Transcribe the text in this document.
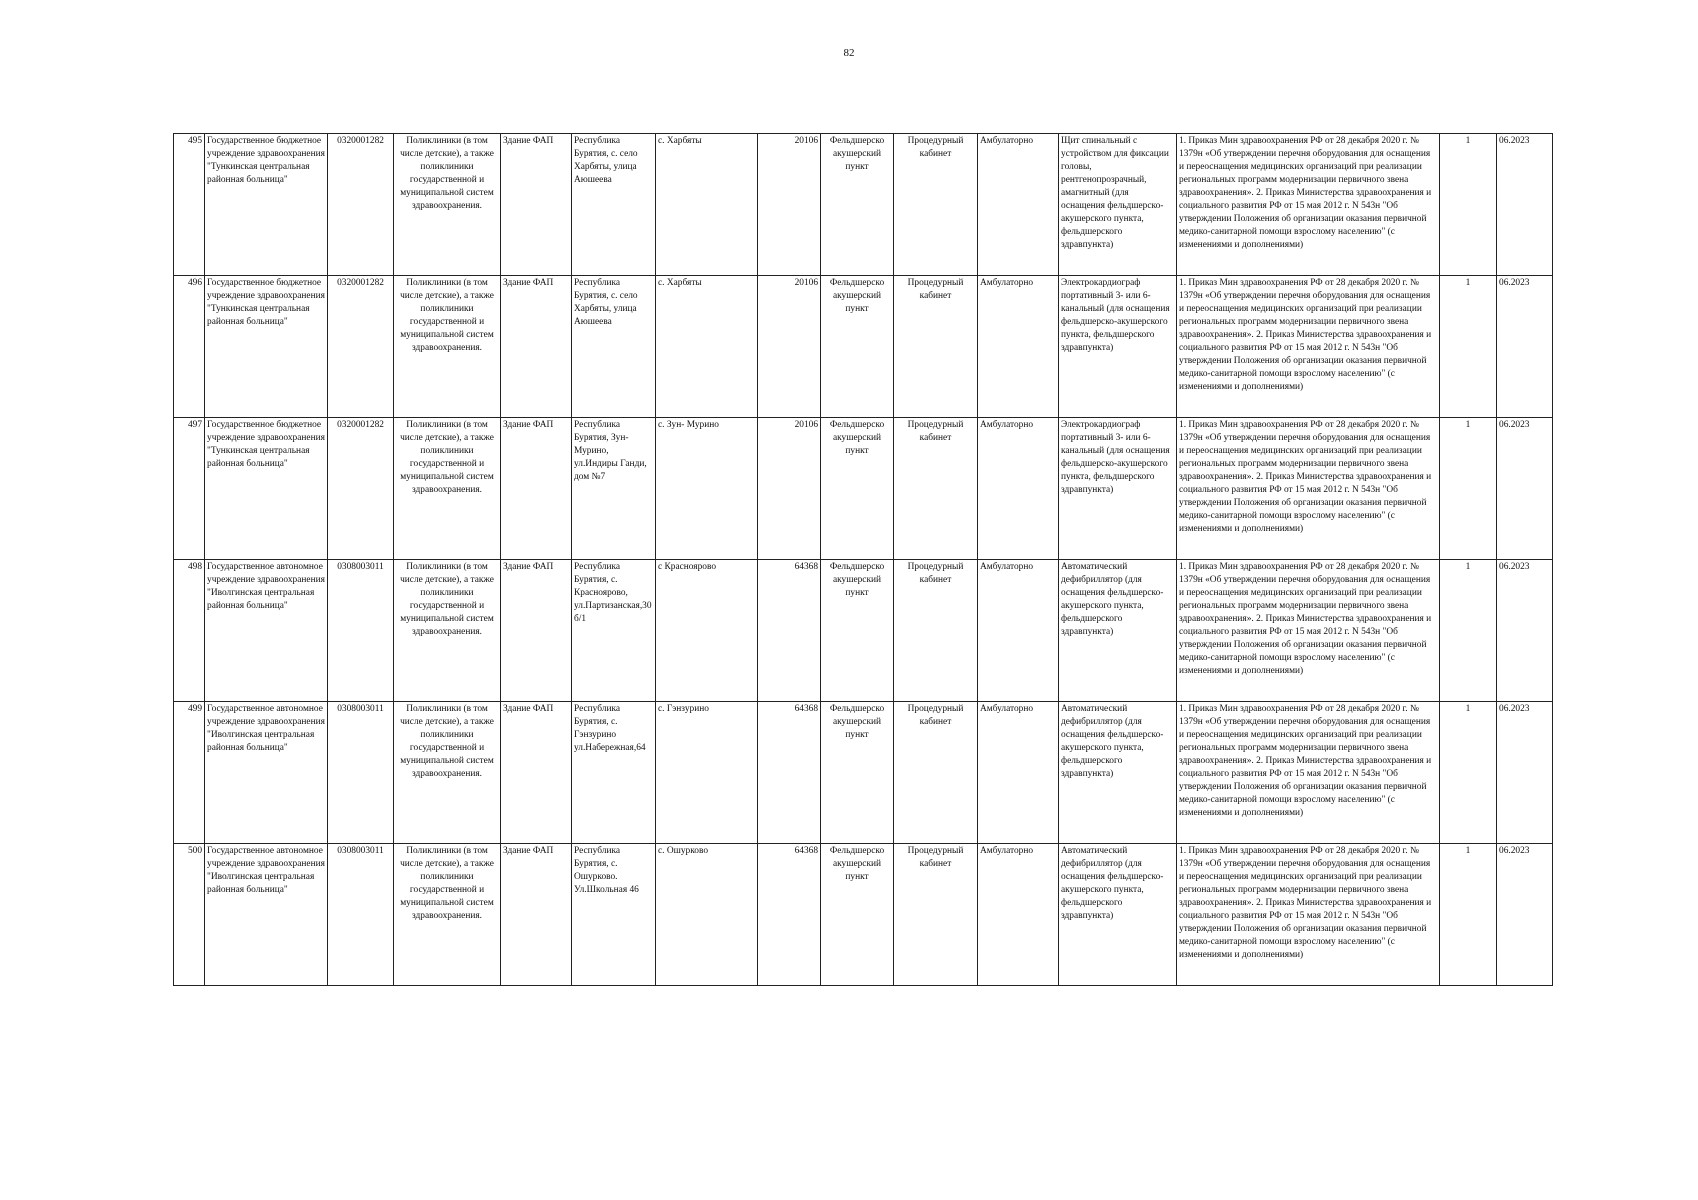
82
495	Государственное бюджетное учреждение здравоохранения "Тункинская центральная районная больница"	0320001282	Поликлиники (в том числе детские), а также поликлиники государственной и муниципальной систем здравоохранения.	Здание ФАП	Республика Бурятия, с. село Харбяты, улица Аюшеева	с. Харбяты	20106	Фельдшерско акушерский пункт	Процедурный кабинет	Амбулаторно	Щит спинальный с устройством для фиксации головы, рентгенопрозрачный, амагнитный (для оснащения фельдшерско-акушерского пункта, фельдшерского здравпункта)	1. Приказ Мин здравоохранения РФ от 28 декабря 2020 г. № 1379н «Об утверждении перечня оборудования для оснащения и переоснащения медицинских организаций при реализации региональных программ модернизации первичного звена здравоохранения». 2. Приказ Министерства здравоохранения и социального развития РФ от 15 мая 2012 г. N 543н "Об утверждении Положения об организации оказания первичной медико-санитарной помощи взрослому населению" (с изменениями и дополнениями)	1	06.2023
496	Государственное бюджетное учреждение здравоохранения "Тункинская центральная районная больница"	0320001282	Поликлиники (в том числе детские), а также поликлиники государственной и муниципальной систем здравоохранения.	Здание ФАП	Республика Бурятия, с. село Харбяты, улица Аюшеева	с. Харбяты	20106	Фельдшерско акушерский пункт	Процедурный кабинет	Амбулаторно	Электрокардиограф портативный 3- или 6-канальный (для оснащения фельдшерско-акушерского пункта, фельдшерского здравпункта)	1. Приказ Мин здравоохранения РФ от 28 декабря 2020 г. № 1379н «Об утверждении перечня оборудования для оснащения и переоснащения медицинских организаций при реализации региональных программ модернизации первичного звена здравоохранения». 2. Приказ Министерства здравоохранения и социального развития РФ от 15 мая 2012 г. N 543н "Об утверждении Положения об организации оказания первичной медико-санитарной помощи взрослому населению" (с изменениями и дополнениями)	1	06.2023
497	Государственное бюджетное учреждение здравоохранения "Тункинская центральная районная больница"	0320001282	Поликлиники (в том числе детские), а также поликлиники государственной и муниципальной систем здравоохранения.	Здание ФАП	Республика Бурятия, Зун-Мурино, ул.Индиры Ганди, дом №7	с. Зун- Мурино	20106	Фельдшерско акушерский пункт	Процедурный кабинет	Амбулаторно	Электрокардиограф портативный 3- или 6-канальный (для оснащения фельдшерско-акушерского пункта, фельдшерского здравпункта)	1. Приказ Мин здравоохранения РФ от 28 декабря 2020 г. № 1379н «Об утверждении перечня оборудования для оснащения и переоснащения медицинских организаций при реализации региональных программ модернизации первичного звена здравоохранения». 2. Приказ Министерства здравоохранения и социального развития РФ от 15 мая 2012 г. N 543н "Об утверждении Положения об организации оказания первичной медико-санитарной помощи взрослому населению" (с изменениями и дополнениями)	1	06.2023
498	Государственное автономное учреждение здравоохранения "Иволгинская центральная районная больница"	0308003011	Поликлиники (в том числе детские), а также поликлиники государственной и муниципальной систем здравоохранения.	Здание ФАП	Республика Бурятия, с. Красноярово, ул.Партизанская,30 б/1	с Красноярово	64368	Фельдшерско акушерский пункт	Процедурный кабинет	Амбулаторно	Автоматический дефибриллятор (для оснащения фельдшерско-акушерского пункта, фельдшерского здравпункта)	1. Приказ Мин здравоохранения РФ от 28 декабря 2020 г. № 1379н «Об утверждении перечня оборудования для оснащения и переоснащения медицинских организаций при реализации региональных программ модернизации первичного звена здравоохранения». 2. Приказ Министерства здравоохранения и социального развития РФ от 15 мая 2012 г. N 543н "Об утверждении Положения об организации оказания первичной медико-санитарной помощи взрослому населению" (с изменениями и дополнениями)	1	06.2023
499	Государственное автономное учреждение здравоохранения "Иволгинская центральная районная больница"	0308003011	Поликлиники (в том числе детские), а также поликлиники государственной и муниципальной систем здравоохранения.	Здание ФАП	Республика Бурятия, с. Гэнзурино ул.Набережная,64	с. Гэнзурино	64368	Фельдшерско акушерский пункт	Процедурный кабинет	Амбулаторно	Автоматический дефибриллятор (для оснащения фельдшерско-акушерского пункта, фельдшерского здравпункта)	1. Приказ Мин здравоохранения РФ от 28 декабря 2020 г. № 1379н «Об утверждении перечня оборудования для оснащения и переоснащения медицинских организаций при реализации региональных программ модернизации первичного звена здравоохранения». 2. Приказ Министерства здравоохранения и социального развития РФ от 15 мая 2012 г. N 543н "Об утверждении Положения об организации оказания первичной медико-санитарной помощи взрослому населению" (с изменениями и дополнениями)	1	06.2023
500	Государственное автономное учреждение здравоохранения "Иволгинская центральная районная больница"	0308003011	Поликлиники (в том числе детские), а также поликлиники государственной и муниципальной систем здравоохранения.	Здание ФАП	Республика Бурятия, с. Ошурково. Ул.Школьная 46	с. Ошурково	64368	Фельдшерско акушерский пункт	Процедурный кабинет	Амбулаторно	Автоматический дефибриллятор (для оснащения фельдшерско-акушерского пункта, фельдшерского здравпункта)	1. Приказ Мин здравоохранения РФ от 28 декабря 2020 г. № 1379н «Об утверждении перечня оборудования для оснащения и переоснащения медицинских организаций при реализации региональных программ модернизации первичного звена здравоохранения». 2. Приказ Министерства здравоохранения и социального развития РФ от 15 мая 2012 г. N 543н "Об утверждении Положения об организации оказания первичной медико-санитарной помощи взрослому населению" (с изменениями и дополнениями)	1	06.2023
